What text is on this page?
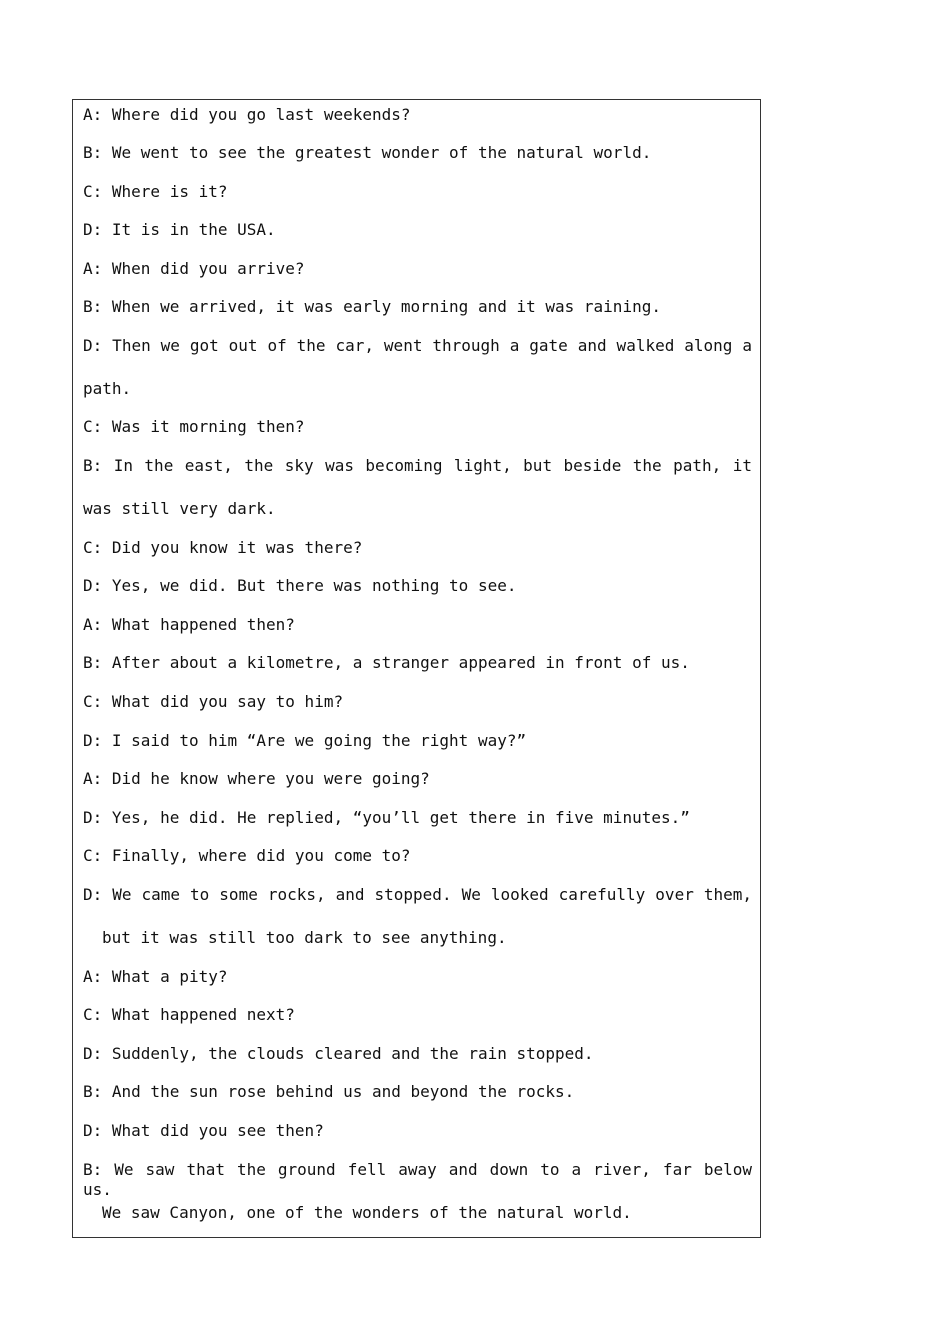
A: Where did you go last weekends?
B: We went to see the greatest wonder of the natural world.
C: Where is it?
D: It is in the USA.
A: When did you arrive?
B: When we arrived, it was early morning and it was raining.
D: Then we got out of the car, went through a gate and walked along a
path.
C: Was it morning then?
B: In the east, the sky was becoming light, but beside the path, it
was still very dark.
C: Did you know it was there?
D: Yes, we did. But there was nothing to see.
A: What happened then?
B: After about a kilometre, a stranger appeared in front of us.
C: What did you say to him?
D: I said to him “Are we going the right way?”
A: Did he know where you were going?
D: Yes, he did. He replied, “you’ll get there in five minutes.”
C: Finally, where did you come to?
D: We came to some rocks, and stopped. We looked carefully over them,
but it was still too dark to see anything.
A: What a pity?
C: What happened next?
D: Suddenly, the clouds cleared and the rain stopped.
B: And the sun rose behind us and beyond the rocks.
D: What did you see then?
B: We saw that the ground fell away and down to a river, far below us.
We saw Canyon, one of the wonders of the natural world.
